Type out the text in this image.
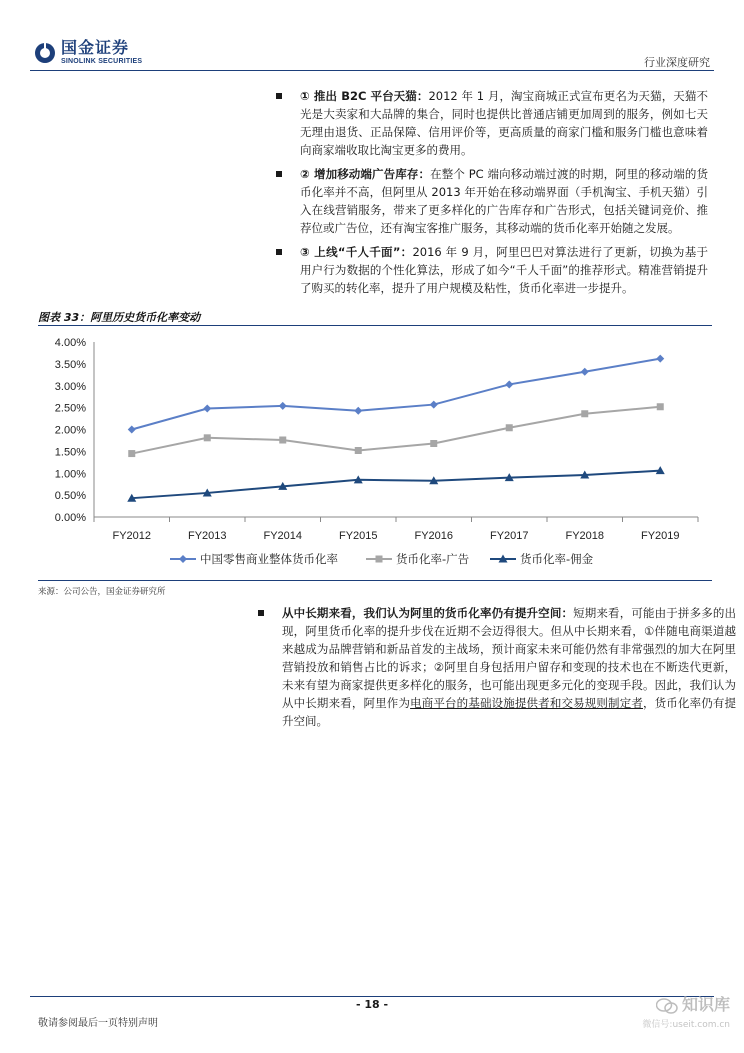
国金证券
SINOLINK SECURITIES	行业深度研究
① 推出 B2C 平台天猫：2012 年 1 月，淘宝商城正式宣布更名为天猫，天猫不光是大卖家和大品牌的集合，同时也提供比普通店铺更加周到的服务，例如七天无理由退货、正品保障、信用评价等，更高质量的商家门槛和服务门槛也意味着向商家端收取比淘宝更多的费用。
② 增加移动端广告库存：在整个 PC 端向移动端过渡的时期，阿里的移动端的货币化率并不高，但阿里从 2013 年开始在移动端界面（手机淘宝、手机天猫）引入在线营销服务，带来了更多样化的广告库存和广告形式，包括关键词竞价、推荐位或广告位，还有淘宝客推广服务，其移动端的货币化率开始随之发展。
③ 上线“千人千面”：2016 年 9 月，阿里巴巴对算法进行了更新，切换为基于用户行为数据的个性化算法，形成了如今“千人千面”的推荐形式。精准营销提升了购买的转化率，提升了用户规模及粘性，货币化率进一步提升。
图表 33：阿里历史货币化率变动
0.00%
0.50%
1.00%
1.50%
2.00%
2.50%
3.00%
3.50%
4.00%
FY2012	FY2013	FY2014	FY2015	FY2016	FY2017	FY2018	FY2019
中国零售商业整体货币化率	货币化率-广告	货币化率-佣金
来源：公司公告，国金证券研究所
从中长期来看，我们认为阿里的货币化率仍有提升空间：短期来看，可能由于拼多多的出现，阿里货币化率的提升步伐在近期不会迈得很大。但从中长期来看，①伴随电商渠道越来越成为品牌营销和新品首发的主战场，预计商家未来可能仍然有非常强烈的加大在阿里营销投放和销售占比的诉求；②阿里自身包括用户留存和变现的技术也在不断迭代更新，未来有望为商家提供更多样化的服务，也可能出现更多元化的变现手段。因此，我们认为从中长期来看，阿里作为电商平台的基础设施提供者和交易规则制定者，货币化率仍有提升空间。
- 18 -
敬请参阅最后一页特别声明
知识库
微信号:useit.com.cn
